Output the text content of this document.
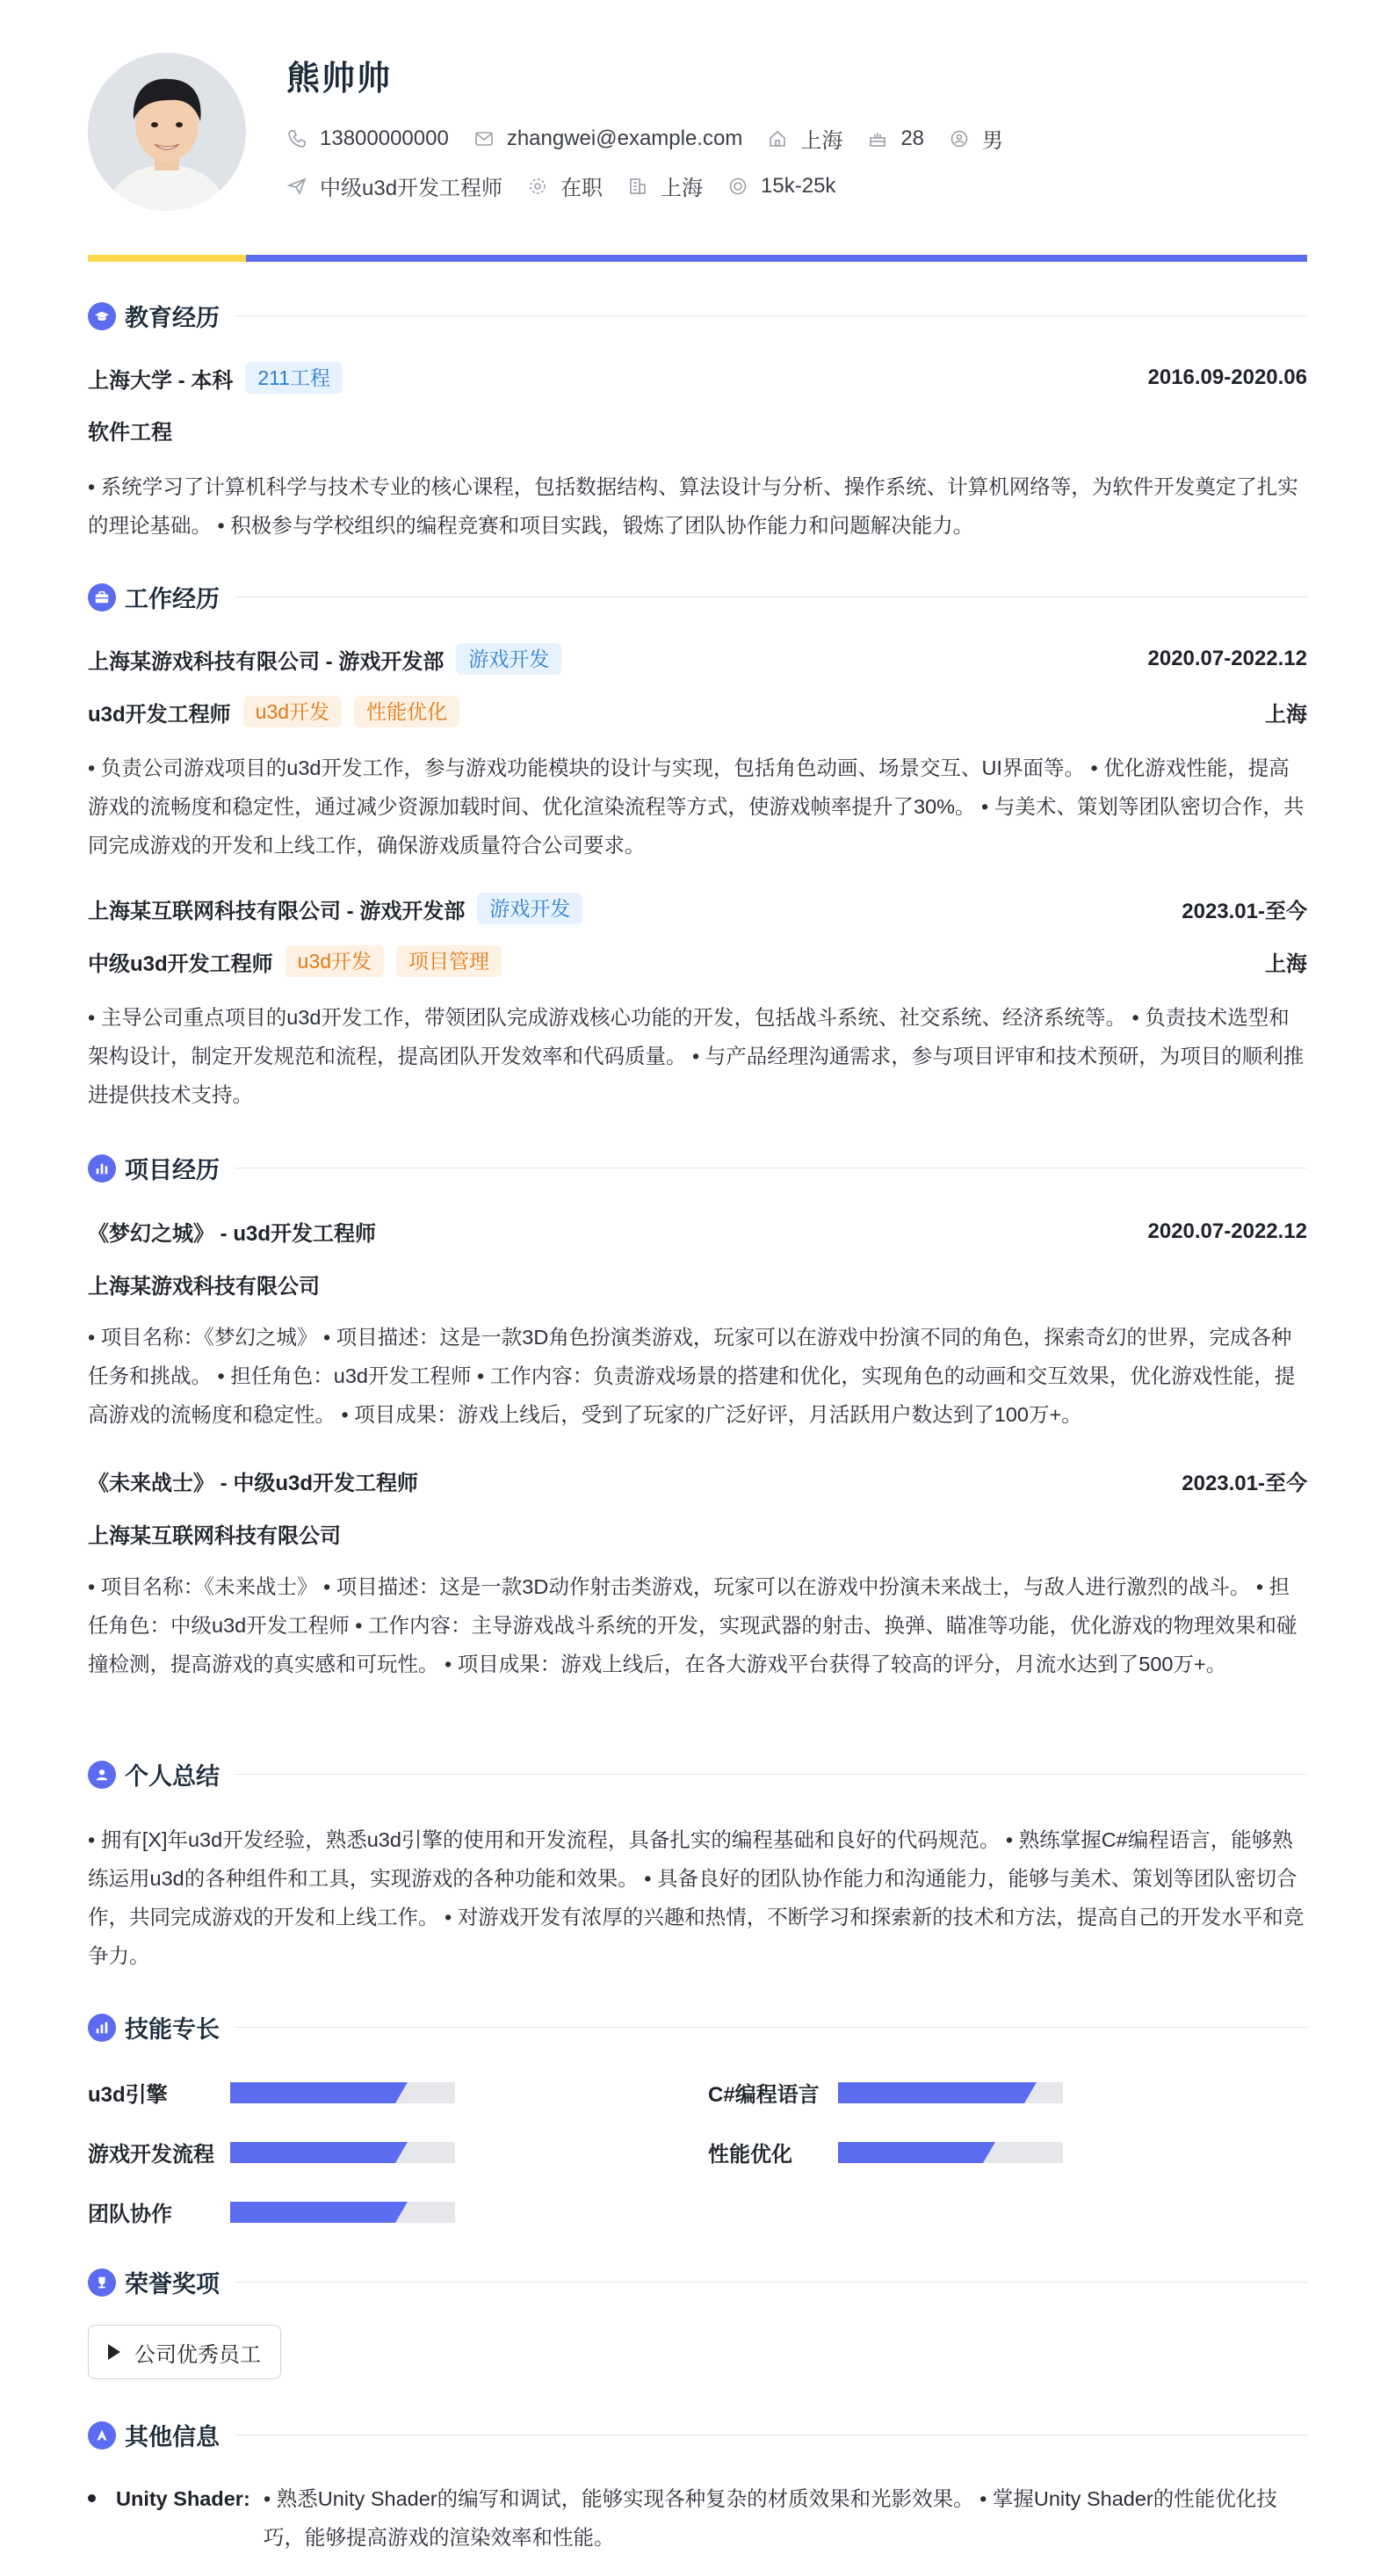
熊帅帅
13800000000	zhangwei@example.com	上海	28	男
中级u3d开发工程师	在职	上海	15k-25k
教育经历
上海大学 - 本科	211工程	2016.09-2020.06
软件工程
• 系统学习了计算机科学与技术专业的核心课程，包括数据结构、算法设计与分析、操作系统、计算机网络等，为软件开发奠定了扎实的理论基础。 • 积极参与学校组织的编程竞赛和项目实践，锻炼了团队协作能力和问题解决能力。
工作经历
上海某游戏科技有限公司 - 游戏开发部	游戏开发	2020.07-2022.12
u3d开发工程师	u3d开发	性能优化	上海
• 负责公司游戏项目的u3d开发工作，参与游戏功能模块的设计与实现，包括角色动画、场景交互、UI界面等。 • 优化游戏性能，提高游戏的流畅度和稳定性，通过减少资源加载时间、优化渲染流程等方式，使游戏帧率提升了30%。 • 与美术、策划等团队密切合作，共同完成游戏的开发和上线工作，确保游戏质量符合公司要求。
上海某互联网科技有限公司 - 游戏开发部	游戏开发	2023.01-至今
中级u3d开发工程师	u3d开发	项目管理	上海
• 主导公司重点项目的u3d开发工作，带领团队完成游戏核心功能的开发，包括战斗系统、社交系统、经济系统等。 • 负责技术选型和架构设计，制定开发规范和流程，提高团队开发效率和代码质量。 • 与产品经理沟通需求，参与项目评审和技术预研，为项目的顺利推进提供技术支持。
项目经历
《梦幻之城》 - u3d开发工程师	2020.07-2022.12
上海某游戏科技有限公司
• 项目名称：《梦幻之城》 • 项目描述：这是一款3D角色扮演类游戏，玩家可以在游戏中扮演不同的角色，探索奇幻的世界，完成各种任务和挑战。 • 担任角色：u3d开发工程师 • 工作内容：负责游戏场景的搭建和优化，实现角色的动画和交互效果，优化游戏性能，提高游戏的流畅度和稳定性。 • 项目成果：游戏上线后，受到了玩家的广泛好评，月活跃用户数达到了100万+。
《未来战士》 - 中级u3d开发工程师	2023.01-至今
上海某互联网科技有限公司
• 项目名称：《未来战士》 • 项目描述：这是一款3D动作射击类游戏，玩家可以在游戏中扮演未来战士，与敌人进行激烈的战斗。 • 担任角色：中级u3d开发工程师 • 工作内容：主导游戏战斗系统的开发，实现武器的射击、换弹、瞄准等功能，优化游戏的物理效果和碰撞检测，提高游戏的真实感和可玩性。 • 项目成果：游戏上线后，在各大游戏平台获得了较高的评分，月流水达到了500万+。
个人总结
• 拥有[X]年u3d开发经验，熟悉u3d引擎的使用和开发流程，具备扎实的编程基础和良好的代码规范。 • 熟练掌握C#编程语言，能够熟练运用u3d的各种组件和工具，实现游戏的各种功能和效果。 • 具备良好的团队协作能力和沟通能力，能够与美术、策划等团队密切合作，共同完成游戏的开发和上线工作。 • 对游戏开发有浓厚的兴趣和热情，不断学习和探索新的技术和方法，提高自己的开发水平和竞争力。
技能专长
u3d引擎	C#编程语言
游戏开发流程	性能优化
团队协作
荣誉奖项
公司优秀员工
其他信息
Unity Shader: • 熟悉Unity Shader的编写和调试，能够实现各种复杂的材质效果和光影效果。 • 掌握Unity Shader的性能优化技巧，能够提高游戏的渲染效率和性能。
